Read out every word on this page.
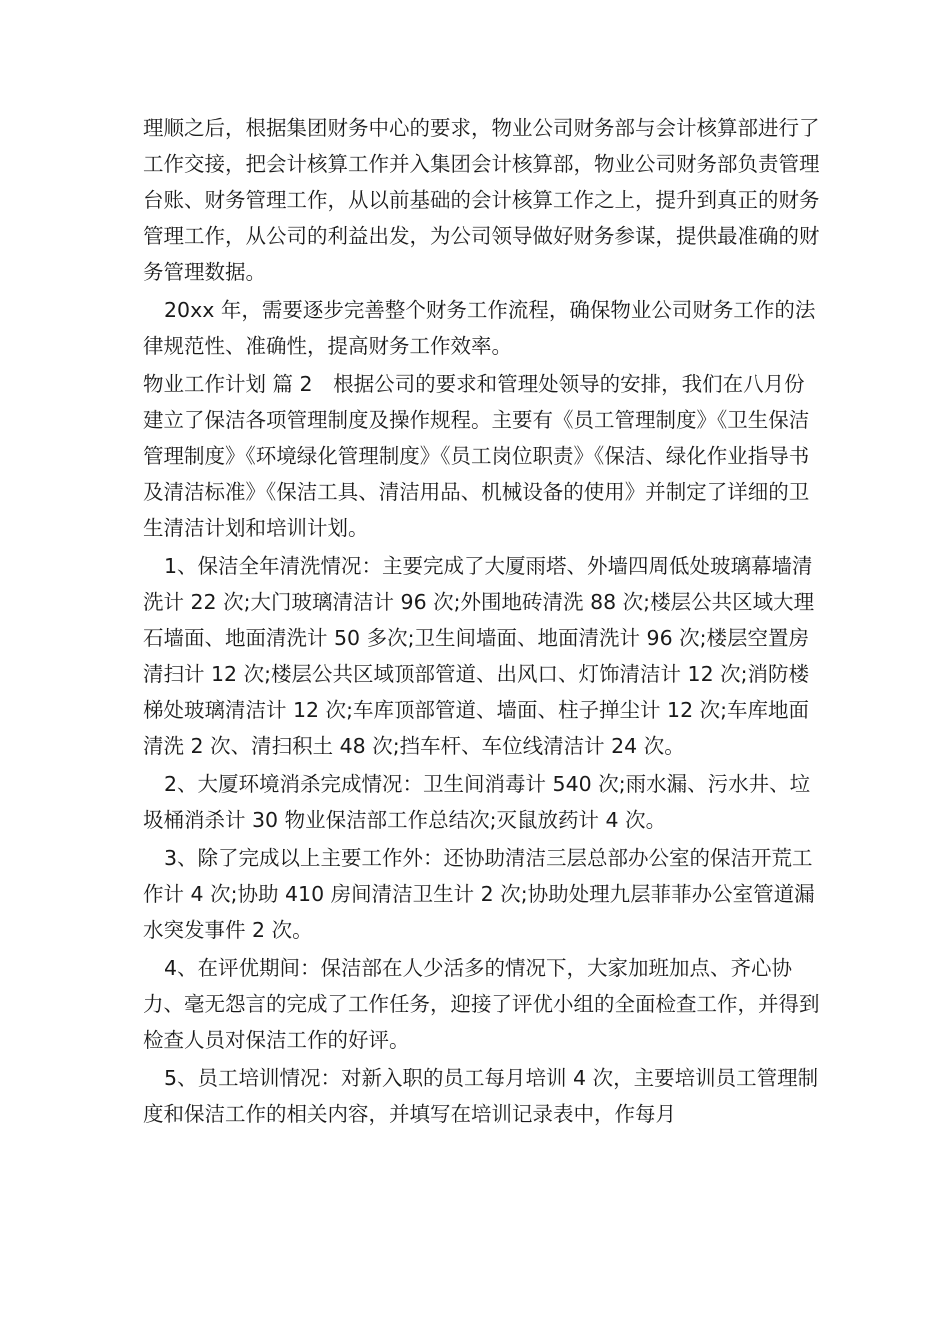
理顺之后，根据集团财务中心的要求，物业公司财务部与会计核算部进行了工作交接，把会计核算工作并入集团会计核算部，物业公司财务部负责管理台账、财务管理工作，从以前基础的会计核算工作之上，提升到真正的财务管理工作，从公司的利益出发，为公司领导做好财务参谋，提供最准确的财务管理数据。

20xx 年，需要逐步完善整个财务工作流程，确保物业公司财务工作的法律规范性、准确性，提高财务工作效率。

物业工作计划 篇 2　根据公司的要求和管理处领导的安排，我们在八月份建立了保洁各项管理制度及操作规程。主要有《员工管理制度》《卫生保洁管理制度》《环境绿化管理制度》《员工岗位职责》《保洁、绿化作业指导书及清洁标准》《保洁工具、清洁用品、机械设备的使用》并制定了详细的卫生清洁计划和培训计划。

1、保洁全年清洗情况：主要完成了大厦雨塔、外墙四周低处玻璃幕墙清洗计 22 次;大门玻璃清洁计 96 次;外围地砖清洗 88 次;楼层公共区域大理石墙面、地面清洗计 50 多次;卫生间墙面、地面清洗计 96 次;楼层空置房清扫计 12 次;楼层公共区域顶部管道、出风口、灯饰清洁计 12 次;消防楼梯处玻璃清洁计 12 次;车库顶部管道、墙面、柱子掸尘计 12 次;车库地面清洗 2 次、清扫积土 48 次;挡车杆、车位线清洁计 24 次。

2、大厦环境消杀完成情况：卫生间消毒计 540 次;雨水漏、污水井、垃圾桶消杀计 30 物业保洁部工作总结次;灭鼠放药计 4 次。

3、除了完成以上主要工作外：还协助清洁三层总部办公室的保洁开荒工作计 4 次;协助 410 房间清洁卫生计 2 次;协助处理九层菲菲办公室管道漏水突发事件 2 次。

4、在评优期间：保洁部在人少活多的情况下，大家加班加点、齐心协力、毫无怨言的完成了工作任务，迎接了评优小组的全面检查工作，并得到检查人员对保洁工作的好评。

5、员工培训情况：对新入职的员工每月培训 4 次，主要培训员工管理制度和保洁工作的相关内容，并填写在培训记录表中，作每月
